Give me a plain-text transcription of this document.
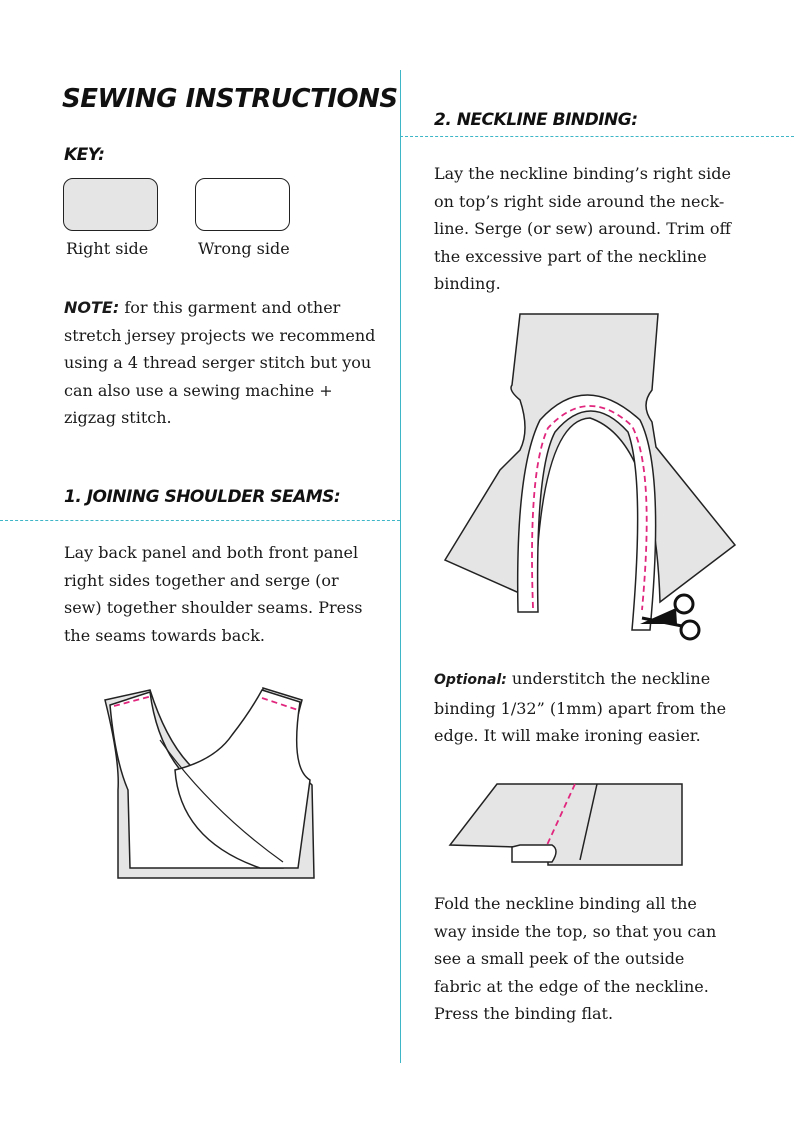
SEWING INSTRUCTIONS
KEY:
Right side	Wrong side
NOTE: for this garment and other stretch jersey projects we recommend using a 4 thread serger stitch but you can also use a sewing machine + zigzag stitch.
1. JOINING SHOULDER SEAMS:
Lay back panel and both front panel right sides together and serge (or sew) together shoulder seams. Press the seams towards back.
2. NECKLINE BINDING:
Lay the neckline binding’s right side on top’s right side around the neck-line. Serge (or sew) around. Trim off the excessive part of the neckline binding.
Optional: understitch the neckline binding 1/32” (1mm) apart from the edge. It will make ironing easier.
Fold the neckline binding all the way inside the top, so that you can see a small peek of the outside fabric at the edge of the neckline. Press the binding flat.
